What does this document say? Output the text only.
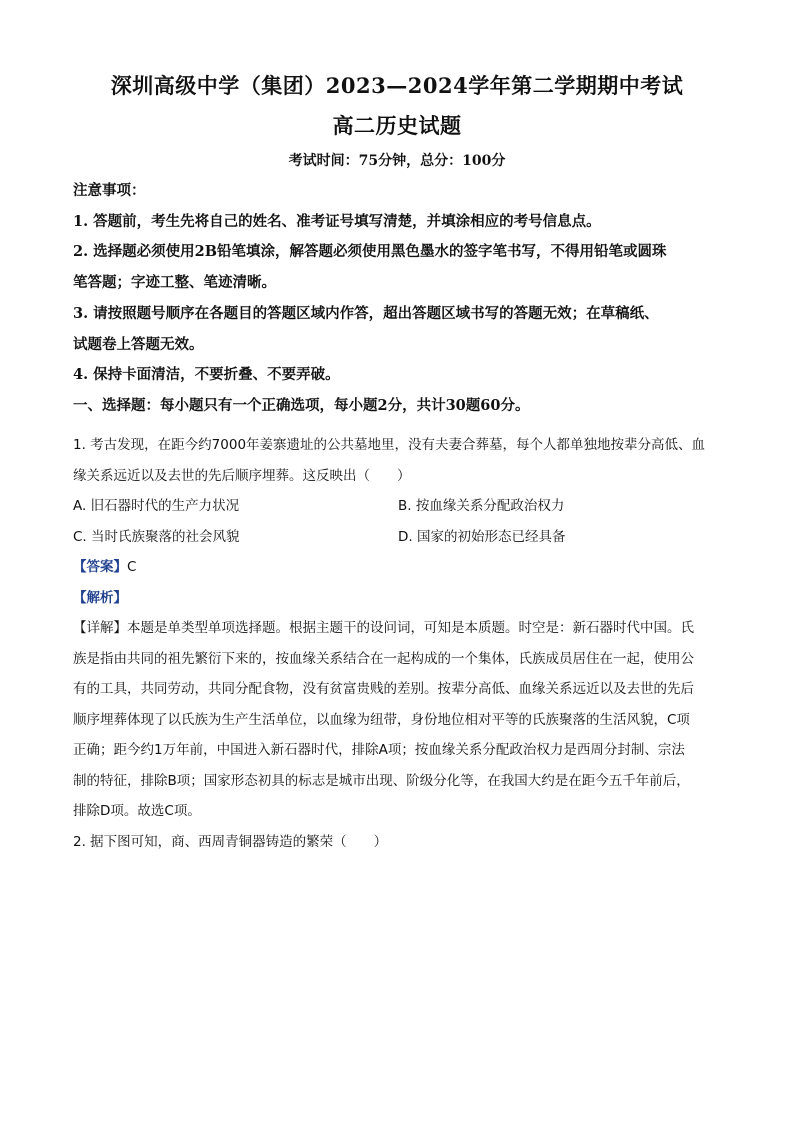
深圳高级中学（集团）2023—2024学年第二学期期中考试
高二历史试题
考试时间：75分钟，总分：100分
注意事项：
1. 答题前，考生先将自己的姓名、准考证号填写清楚，并填涂相应的考号信息点。
2. 选择题必须使用2B铅笔填涂，解答题必须使用黑色墨水的签字笔书写，不得用铅笔或圆珠
笔答题；字迹工整、笔迹清晰。
3. 请按照题号顺序在各题目的答题区域内作答，超出答题区域书写的答题无效；在草稿纸、
试题卷上答题无效。
4. 保持卡面清洁，不要折叠、不要弄破。
一、选择题：每小题只有一个正确选项，每小题2分，共计30题60分。
1. 考古发现，在距今约7000年姜寨遗址的公共墓地里，没有夫妻合葬墓，每个人都单独地按辈分高低、血
缘关系远近以及去世的先后顺序埋葬。这反映出（　　）
A. 旧石器时代的生产力状况	B. 按血缘关系分配政治权力
C. 当时氏族聚落的社会风貌	D. 国家的初始形态已经具备
【答案】C
【解析】
【详解】本题是单类型单项选择题。根据主题干的设问词，可知是本质题。时空是：新石器时代中国。氏
族是指由共同的祖先繁衍下来的，按血缘关系结合在一起构成的一个集体，氏族成员居住在一起，使用公
有的工具，共同劳动，共同分配食物，没有贫富贵贱的差别。按辈分高低、血缘关系远近以及去世的先后
顺序埋葬体现了以氏族为生产生活单位，以血缘为纽带，身份地位相对平等的氏族聚落的生活风貌，C项
正确；距今约1万年前，中国进入新石器时代，排除A项；按血缘关系分配政治权力是西周分封制、宗法
制的特征，排除B项；国家形态初具的标志是城市出现、阶级分化等，在我国大约是在距今五千年前后，
排除D项。故选C项。
2. 据下图可知，商、西周青铜器铸造的繁荣（　　）
